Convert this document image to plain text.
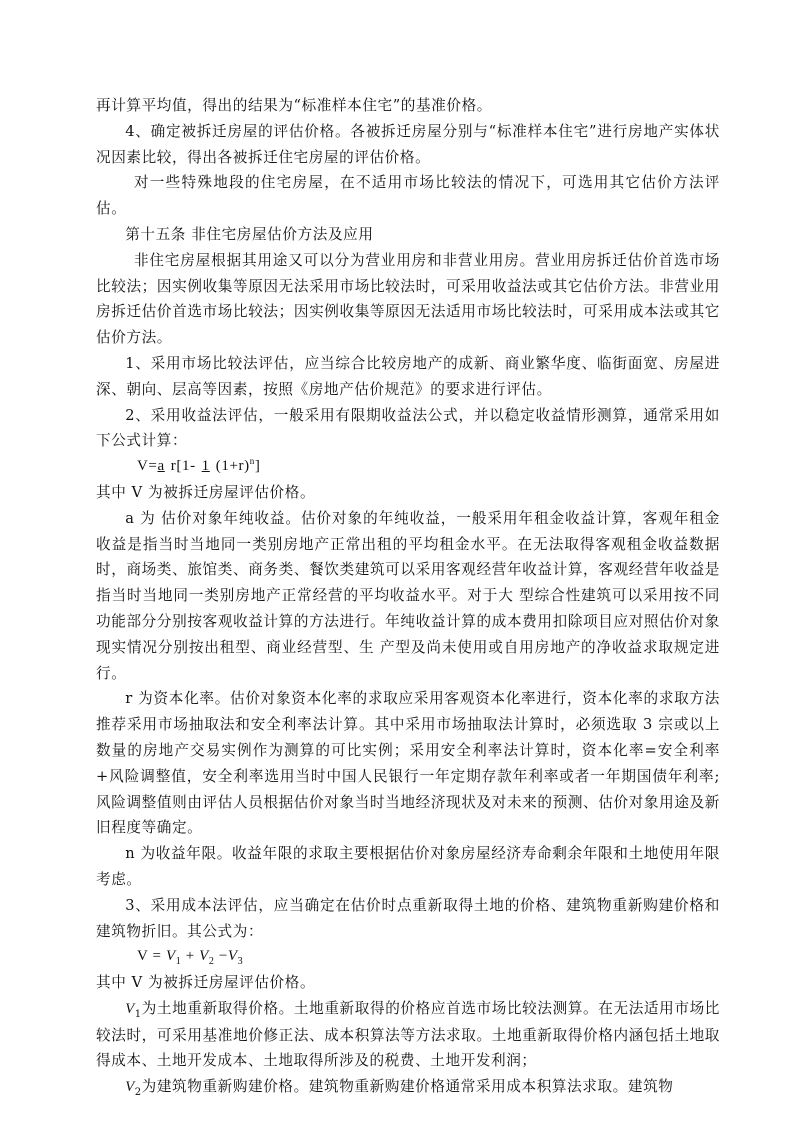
再计算平均值，得出的结果为“标准样本住宅”的基准价格。

4、确定被拆迁房屋的评估价格。各被拆迁房屋分别与“标准样本住宅”进行房地产实体状况因素比较，得出各被拆迁住宅房屋的评估价格。

对一些特殊地段的住宅房屋，在不适用市场比较法的情况下，可选用其它估价方法评估。

第十五条 非住宅房屋估价方法及应用

非住宅房屋根据其用途又可以分为营业用房和非营业用房。营业用房拆迁估价首选市场比较法；因实例收集等原因无法采用市场比较法时，可采用收益法或其它估价方法。非营业用房拆迁估价首选市场比较法；因实例收集等原因无法适用市场比较法时，可采用成本法或其它估价方法。

1、采用市场比较法评估，应当综合比较房地产的成新、商业繁华度、临街面宽、房屋进深、朝向、层高等因素，按照《房地产估价规范》的要求进行评估。

2、采用收益法评估，一般采用有限期收益法公式，并以稳定收益情形测算，通常采用如下公式计算：

V=a r[1- 1 $(1+r)^n$]

其中 V 为被拆迁房屋评估价格。

a 为 估价对象年纯收益。估价对象的年纯收益，一般采用年租金收益计算，客观年租金收益是指当时当地同一类别房地产正常出租的平均租金水平。在无法取得客观租金收益数据时，商场类、旅馆类、商务类、餐饮类建筑可以采用客观经营年收益计算，客观经营年收益是指当时当地同一类别房地产正常经营的平均收益水平。对于大 型综合性建筑可以采用按不同功能部分分别按客观收益计算的方法进行。年纯收益计算的成本费用扣除项目应对照估价对象现实情况分别按出租型、商业经营型、生 产型及尚未使用或自用房地产的净收益求取规定进行。

r 为资本化率。估价对象资本化率的求取应采用客观资本化率进行，资本化率的求取方法推荐采用市场抽取法和安全利率法计算。其中采用市场抽取法计算时，必须选取 3 宗或以上数量的房地产交易实例作为测算的可比实例；采用安全利率法计算时，资本化率=安全利率+风险调整值，安全利率选用当时中国人民银行一年定期存款年利率或者一年期国债年利率;风险调整值则由评估人员根据估价对象当时当地经济现状及对未来的预测、估价对象用途及新旧程度等确定。

n 为收益年限。收益年限的求取主要根据估价对象房屋经济寿命剩余年限和土地使用年限考虑。

3、采用成本法评估，应当确定在估价时点重新取得土地的价格、建筑物重新购建价格和建筑物折旧。其公式为：

$V = V_1 + V_2 -V_3$

其中 V 为被拆迁房屋评估价格。

$V_1$为土地重新取得价格。土地重新取得的价格应首选市场比较法测算。在无法适用市场比较法时，可采用基准地价修正法、成本积算法等方法求取。土地重新取得价格内涵包括土地取得成本、土地开发成本、土地取得所涉及的税费、土地开发利润；

$V_2$为建筑物重新购建价格。建筑物重新购建价格通常采用成本积算法求取。建筑物
